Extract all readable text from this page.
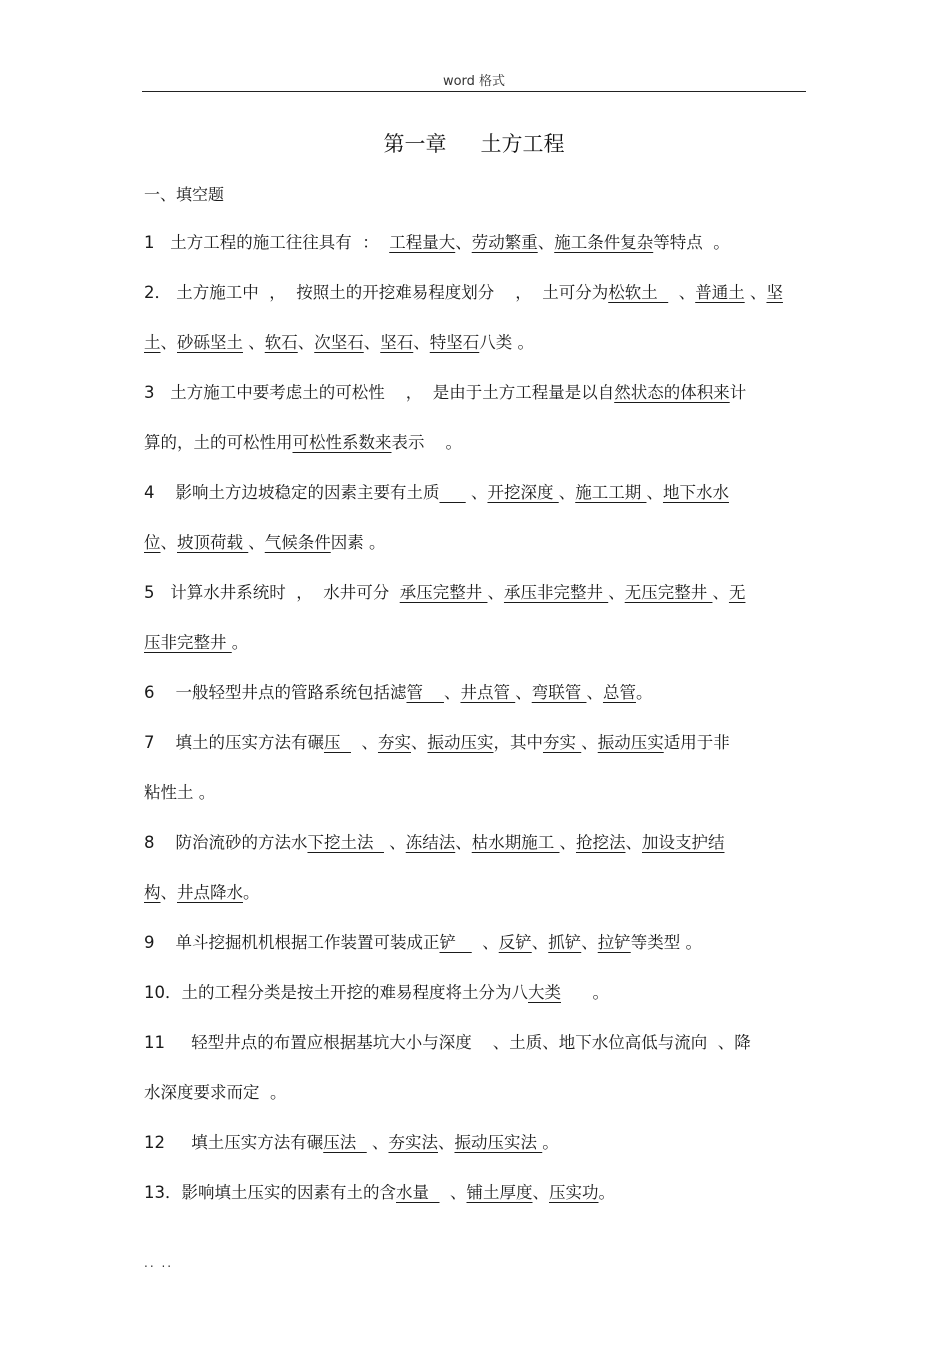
word 格式
第一章 土方工程
一、填空题
1   土方工程的施工往往具有  ：  工程量大、劳动繁重、施工条件复杂等特点  。
2． 土方施工中  ，  按照土的开挖难易程度划分    ，  土可分为松软土    、普通土 、坚
土、砂砾坚土 、软石、次坚石、坚石、特坚石八类 。
3   土方施工中要考虑土的可松性    ，  是由于土方工程量是以自然状态的体积来计
算的，土的可松性用可松性系数来表示    。
4    影响土方边坡稳定的因素主要有土质      、开挖深度 、施工工期 、地下水水
位、坡顶荷载 、气候条件因素 。
5   计算水井系统时  ，  水井可分  承压完整井 、承压非完整井 、无压完整井 、无
压非完整井 。
6    一般轻型井点的管路系统包括滤管    、井点管 、弯联管 、总管。
7    填土的压实方法有碾压    、夯实、振动压实，其中夯实 、振动压实适用于非
粘性土 。
8    防治流砂的方法水下挖土法   、冻结法、枯水期施工 、抢挖法、加设支护结
构、井点降水。
9    单斗挖掘机机根据工作装置可装成正铲     、反铲、抓铲、拉铲等类型 。
10．土的工程分类是按土开挖的难易程度将土分为八大类      。
11     轻型井点的布置应根据基坑大小与深度    、土质、地下水位高低与流向  、降
水深度要求而定  。
12     填土压实方法有碾压法   、夯实法、振动压实法 。
13．影响填土压实的因素有土的含水量    、铺土厚度、压实功。
.. ..
